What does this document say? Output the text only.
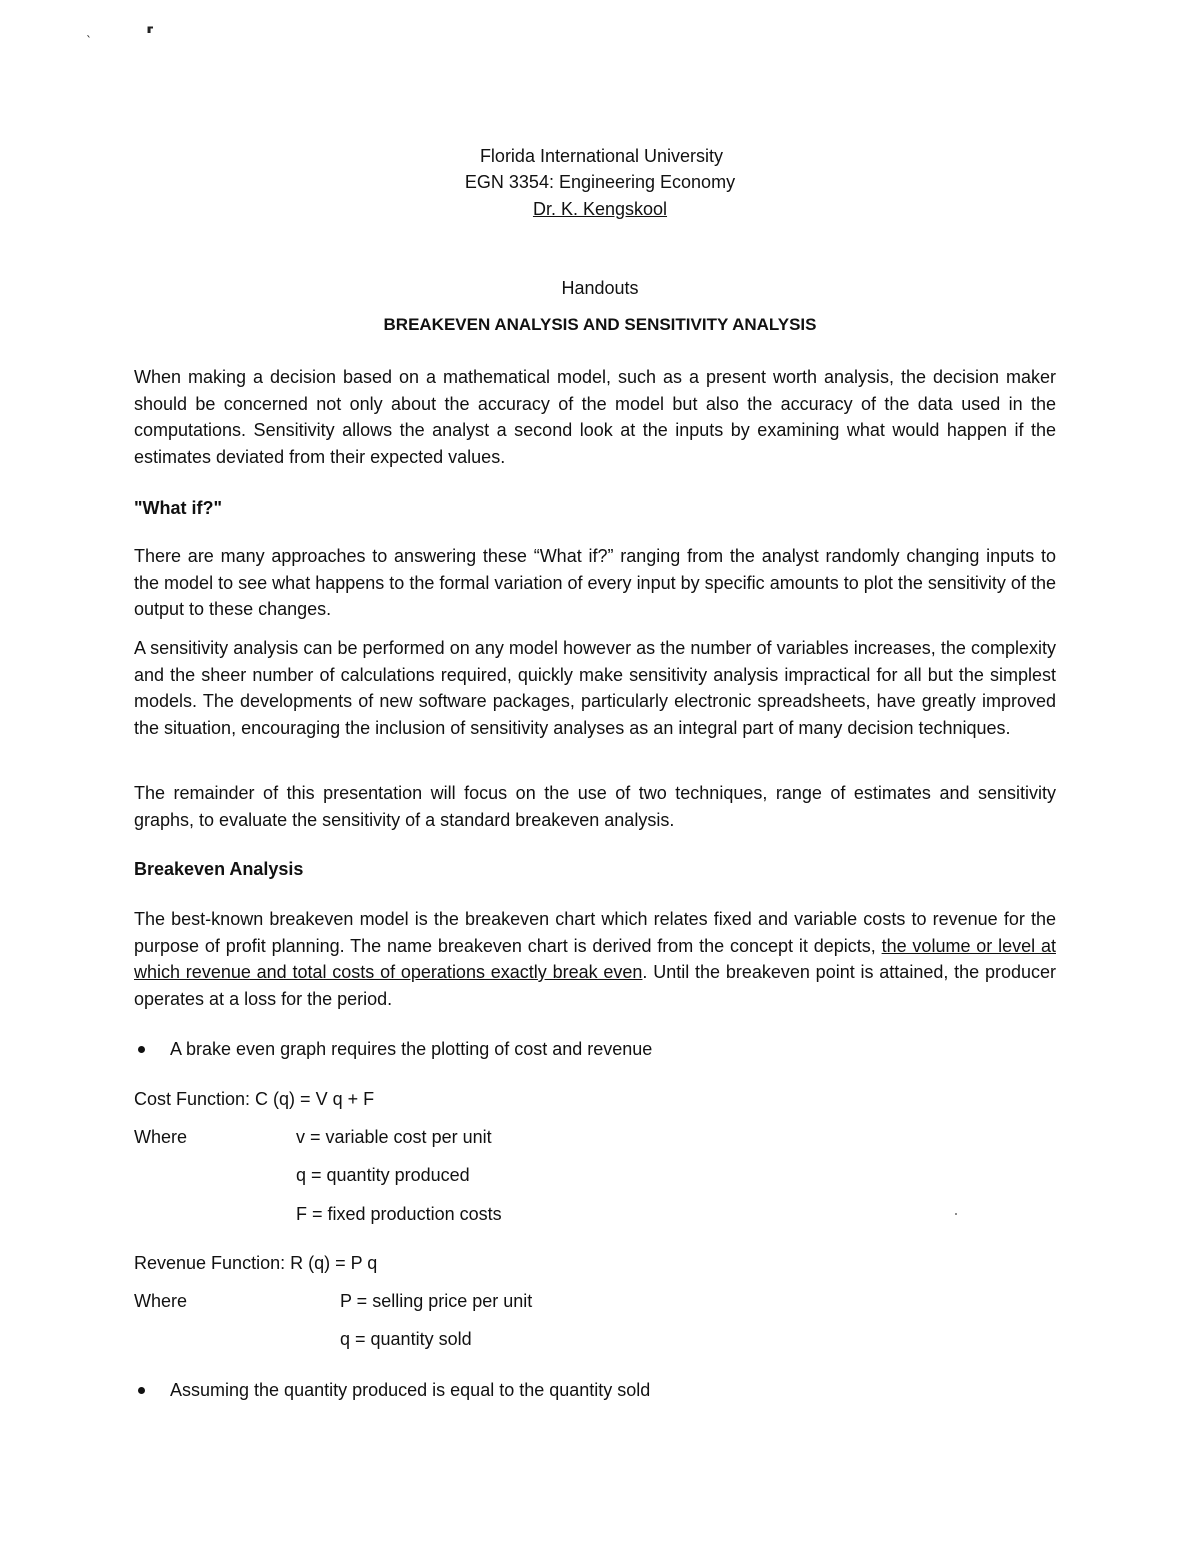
`	⸢
Florida International University
EGN 3354: Engineering Economy
Dr. K. Kengskool
Handouts
BREAKEVEN ANALYSIS AND SENSITIVITY ANALYSIS

When making a decision based on a mathematical model, such as a present worth analysis, the decision maker should be concerned not only about the accuracy of the model but also the accuracy of the data used in the computations. Sensitivity allows the analyst a second look at the inputs by examining what would happen if the estimates deviated from their expected values.

"What if?"

There are many approaches to answering these “What if?” ranging from the analyst randomly changing inputs to the model to see what happens to the formal variation of every input by specific amounts to plot the sensitivity of the output to these changes.

A sensitivity analysis can be performed on any model however as the number of variables increases, the complexity and the sheer number of calculations required, quickly make sensitivity analysis impractical for all but the simplest models. The developments of new software packages, particularly electronic spreadsheets, have greatly improved the situation, encouraging the inclusion of sensitivity analyses as an integral part of many decision techniques.

The remainder of this presentation will focus on the use of two techniques, range of estimates and sensitivity graphs, to evaluate the sensitivity of a standard breakeven analysis.

Breakeven Analysis

The best-known breakeven model is the breakeven chart which relates fixed and variable costs to revenue for the purpose of profit planning. The name breakeven chart is derived from the concept it depicts, the volume or level at which revenue and total costs of operations exactly break even. Until the breakeven point is attained, the producer operates at a loss for the period.

A brake even graph requires the plotting of cost and revenue
Cost Function: C (q) = V q + F
Where	v = variable cost per unit
q = quantity produced
F = fixed production costs
Revenue Function: R (q) = P q
Where	P = selling price per unit
q = quantity sold
Assuming the quantity produced is equal to the quantity sold
